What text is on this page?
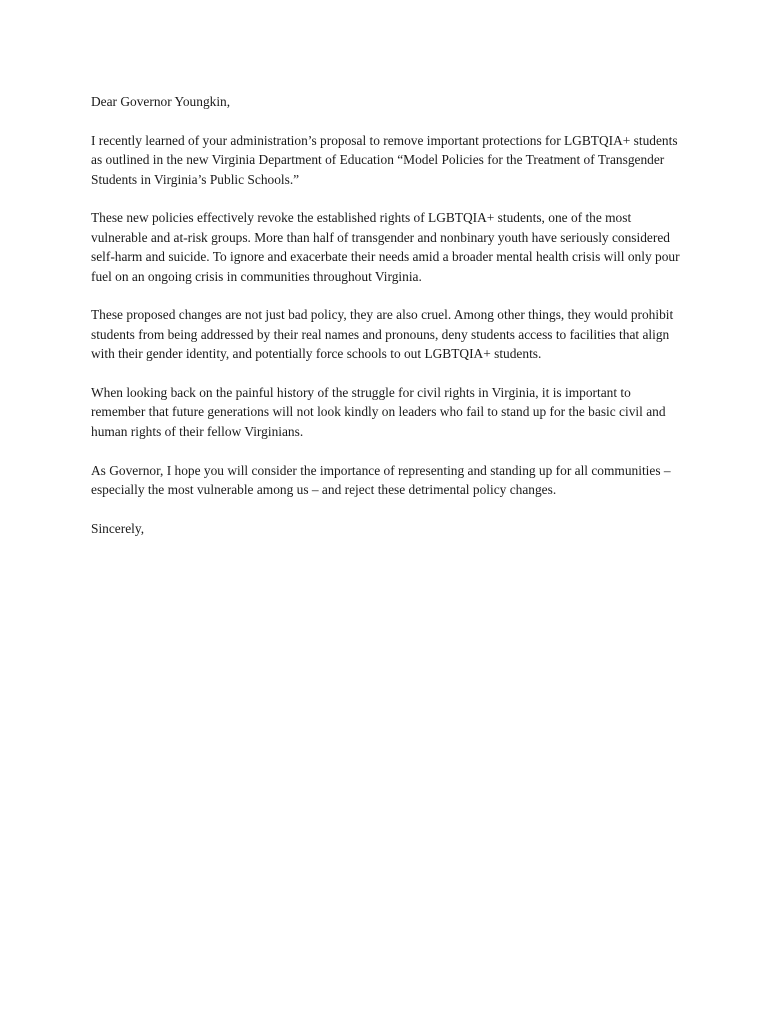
Dear Governor Youngkin,

I recently learned of your administration’s proposal to remove important protections for LGBTQIA+ students as outlined in the new Virginia Department of Education “Model Policies for the Treatment of Transgender Students in Virginia’s Public Schools.”

These new policies effectively revoke the established rights of LGBTQIA+ students, one of the most vulnerable and at-risk groups. More than half of transgender and nonbinary youth have seriously considered self-harm and suicide. To ignore and exacerbate their needs amid a broader mental health crisis will only pour fuel on an ongoing crisis in communities throughout Virginia.

These proposed changes are not just bad policy, they are also cruel. Among other things, they would prohibit students from being addressed by their real names and pronouns, deny students access to facilities that align with their gender identity, and potentially force schools to out LGBTQIA+ students.

When looking back on the painful history of the struggle for civil rights in Virginia, it is important to remember that future generations will not look kindly on leaders who fail to stand up for the basic civil and human rights of their fellow Virginians.

As Governor, I hope you will consider the importance of representing and standing up for all communities – especially the most vulnerable among us – and reject these detrimental policy changes.

Sincerely,
